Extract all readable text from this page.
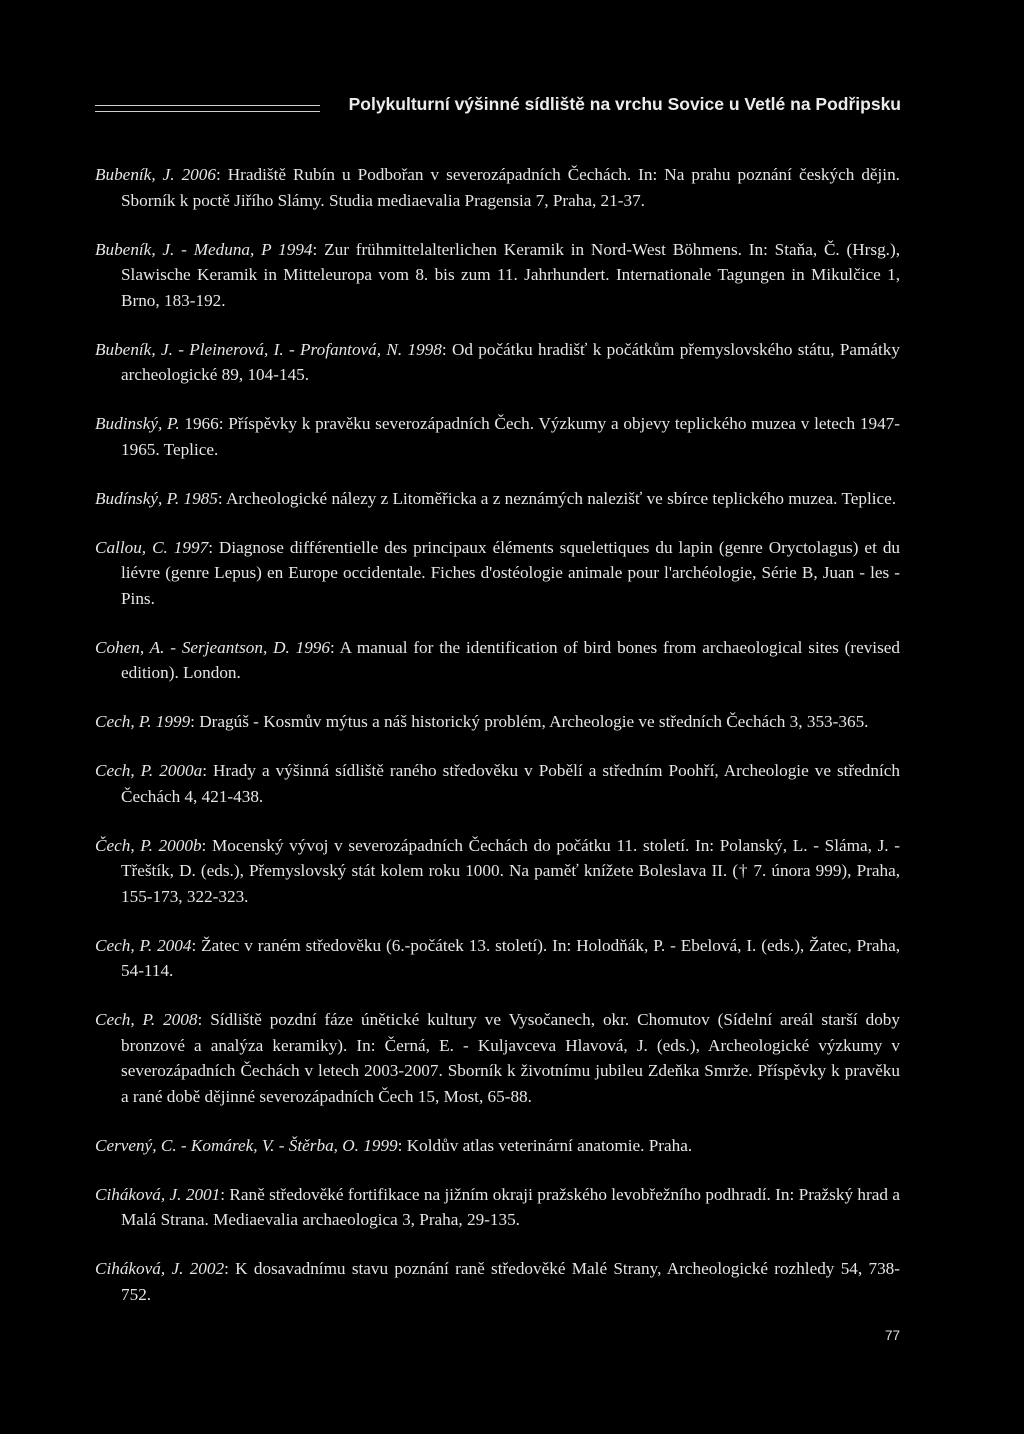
Polykulturní výšinné sídliště na vrchu Sovice u Vetlé na Podřipsku
Bubeník, J. 2006: Hradiště Rubín u Podbořan v severozápadních Čechách. In: Na prahu poznání českých dějin. Sborník k poctě Jiřího Slámy. Studia mediaevalia Pragensia 7, Praha, 21-37.
Bubeník, J. - Meduna, P 1994: Zur frühmittelalterlichen Keramik in Nord-West Böhmens. In: Staňa, Č. (Hrsg.), Slawische Keramik in Mitteleuropa vom 8. bis zum 11. Jahrhundert. Internationale Tagungen in Mikulčice 1, Brno, 183-192.
Bubeník, J. - Pleinerová, I. - Profantová, N. 1998: Od počátku hradišť k počátkům přemyslovského státu, Památky archeologické 89, 104-145.
Budinský, P. 1966: Příspěvky k pravěku severozápadních Čech. Výzkumy a objevy teplického muzea v letech 1947-1965. Teplice.
Budínský, P. 1985: Archeologické nálezy z Litoměřicka a z neznámých nalezišť ve sbírce teplického muzea. Teplice.
Callou, C. 1997: Diagnose différentielle des principaux éléments squelettiques du lapin (genre Oryctolagus) et du liévre (genre Lepus) en Europe occidentale. Fiches d'ostéologie animale pour l'archéologie, Série B, Juan - les - Pins.
Cohen, A. - Serjeantson, D. 1996: A manual for the identification of bird bones from archaeological sites (revised edition). London.
Cech, P. 1999: Dragúš - Kosmův mýtus a náš historický problém, Archeologie ve středních Čechách 3, 353-365.
Cech, P. 2000a: Hrady a výšinná sídliště raného středověku v Pobělí a středním Poohří, Archeologie ve středních Čechách 4, 421-438.
Čech, P. 2000b: Mocenský vývoj v severozápadních Čechách do počátku 11. století. In: Polanský, L. - Sláma, J. - Třeštík, D. (eds.), Přemyslovský stát kolem roku 1000. Na paměť knížete Boleslava II. († 7. února 999), Praha, 155-173, 322-323.
Cech, P. 2004: Žatec v raném středověku (6.-počátek 13. století). In: Holodňák, P. - Ebelová, I. (eds.), Žatec, Praha, 54-114.
Cech, P. 2008: Sídliště pozdní fáze únětické kultury ve Vysočanech, okr. Chomutov (Sídelní areál starší doby bronzové a analýza keramiky). In: Černá, E. - Kuljavceva Hlavová, J. (eds.), Archeologické výzkumy v severozápadních Čechách v letech 2003-2007. Sborník k životnímu jubileu Zdeňka Smrže. Příspěvky k pravěku a rané době dějinné severozápadních Čech 15, Most, 65-88.
Cervený, C. - Komárek, V. - Štěrba, O. 1999: Koldův atlas veterinární anatomie. Praha.
Ciháková, J. 2001: Raně středověké fortifikace na jižním okraji pražského levobřežního podhradí. In: Pražský hrad a Malá Strana. Mediaevalia archaeologica 3, Praha, 29-135.
Ciháková, J. 2002: K dosavadnímu stavu poznání raně středověké Malé Strany, Archeologické rozhledy 54, 738-752.
77
